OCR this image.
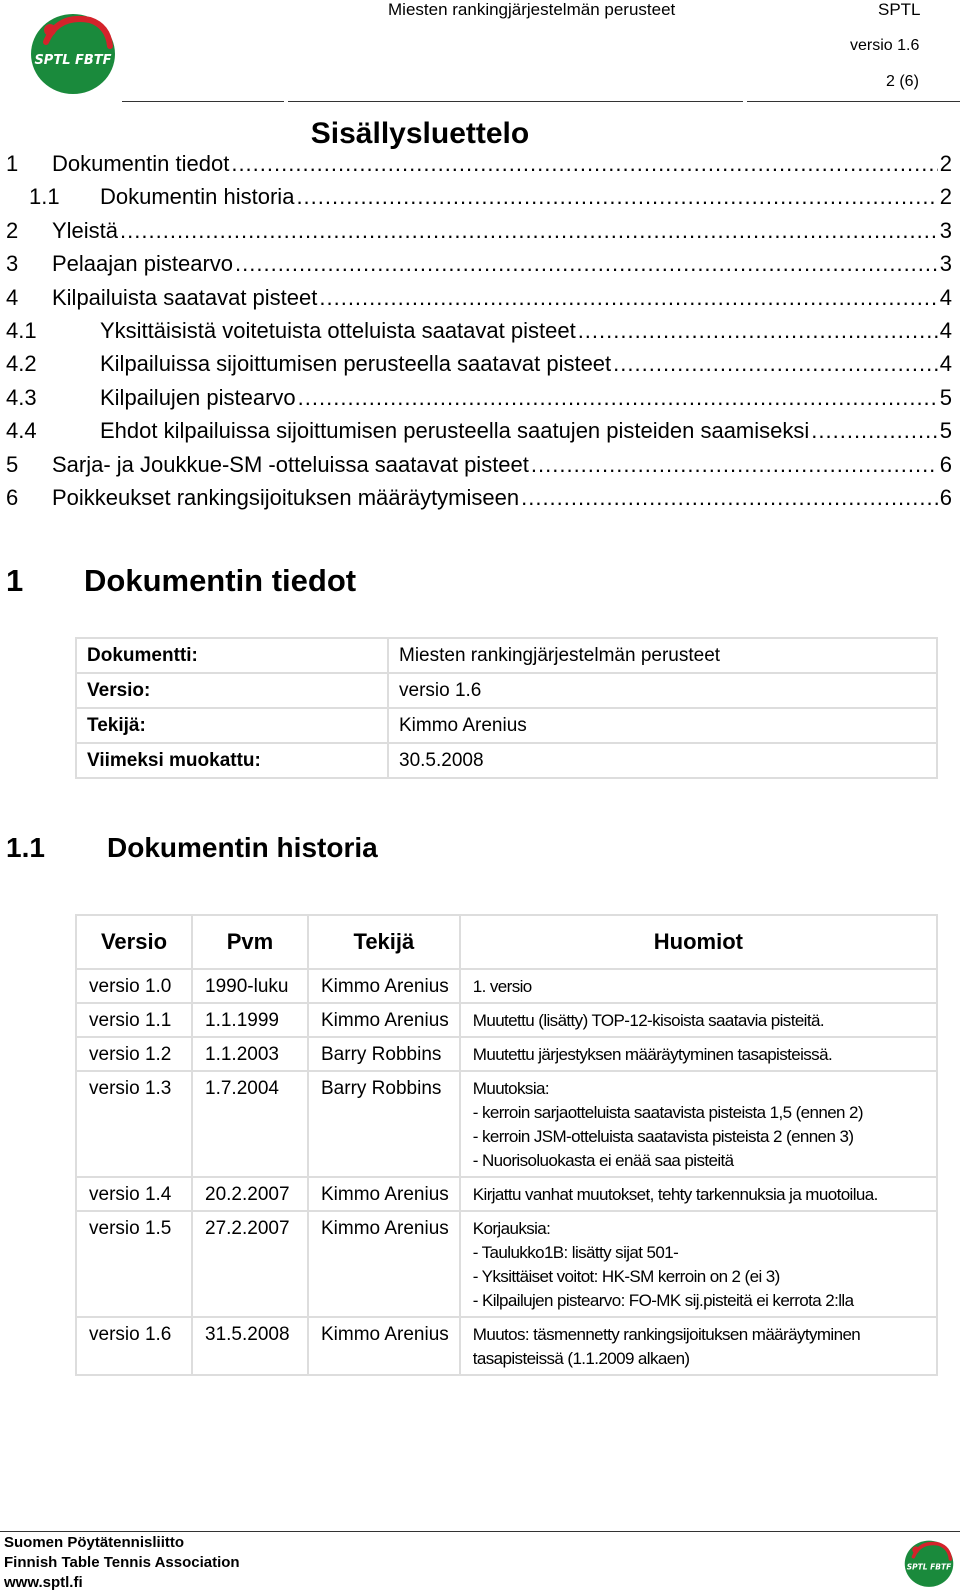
SPTL FBTF
Miesten rankingjärjestelmän perusteet	SPTL
versio 1.6
2 (6)
Sisällysluettelo
1	Dokumentin tiedot .....	2
1.1	Dokumentin historia .....	2
2	Yleistä .....	3
3	Pelaajan pistearvo .....	3
4	Kilpailuista saatavat pisteet .....	4
4.1	Yksittäisistä voitetuista otteluista saatavat pisteet .....	4
4.2	Kilpailuissa sijoittumisen perusteella saatavat pisteet .....	4
4.3	Kilpailujen pistearvo .....	5
4.4	Ehdot kilpailuissa sijoittumisen perusteella saatujen pisteiden saamiseksi .....	5
5	Sarja- ja Joukkue-SM -otteluissa saatavat pisteet .....	6
6	Poikkeukset rankingsijoituksen määräytymiseen .....	6
1 Dokumentin tiedot
Dokumentti:	Miesten rankingjärjestelmän perusteet
Versio:	versio 1.6
Tekijä:	Kimmo Arenius
Viimeksi muokattu:	30.5.2008
1.1 Dokumentin historia
Versio	Pvm	Tekijä	Huomiot
versio 1.0	1990-luku	Kimmo Arenius	1. versio

versio 1.1	1.1.1999	Kimmo Arenius	Muutettu (lisätty) TOP-12-kisoista saatavia pisteitä.

versio 1.2	1.1.2003	Barry Robbins	Muutettu järjestyksen määräytyminen tasapisteissä.

versio 1.3	1.7.2004	Barry Robbins	Muutoksia:
- kerroin sarjaotteluista saatavista pisteista 1,5 (ennen 2)
- kerroin JSM-otteluista saatavista pisteista 2 (ennen 3)
- Nuorisoluokasta ei enää saa pisteitä

versio 1.4	20.2.2007	Kimmo Arenius	Kirjattu vanhat muutokset, tehty tarkennuksia ja muotoilua.

versio 1.5	27.2.2007	Kimmo Arenius	Korjauksia:
- Taulukko1B: lisätty sijat 501-
- Yksittäiset voitot: HK-SM kerroin on 2 (ei 3)
- Kilpailujen pistearvo: FO-MK sij.pisteitä ei kerrota 2:lla

versio 1.6	31.5.2008	Kimmo Arenius	Muutos: täsmennetty rankingsijoituksen määräytyminen
tasapisteissä (1.1.2009 alkaen)
Suomen Pöytätennisliitto
Finnish Table Tennis Association
www.sptl.fi
SPTL FBTF
